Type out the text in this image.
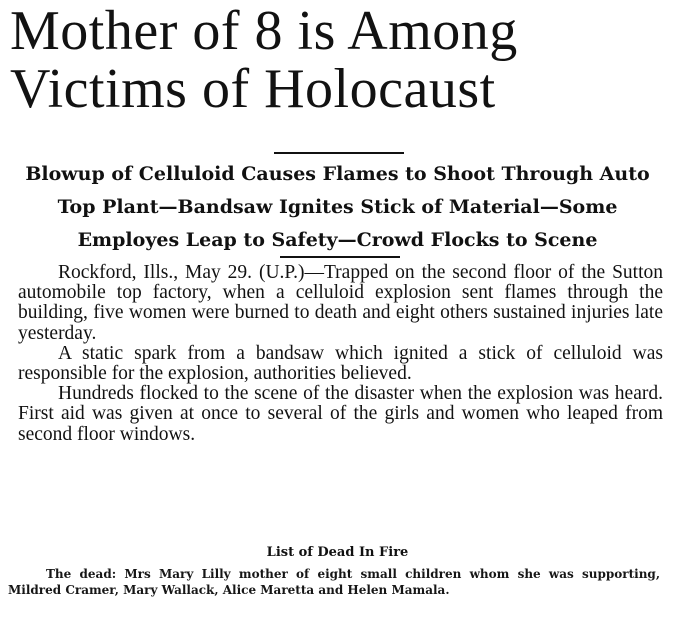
Mother of 8 is Among
Victims of Holocaust
Blowup of Celluloid Causes Flames to Shoot Through Auto
Top Plant—Bandsaw Ignites Stick of Material—Some
Employes Leap to Safety—Crowd Flocks to Scene

Rockford, Ills., May 29. (U.P.)—Trapped on the second floor of the Sutton automobile top factory, when a celluloid explosion sent flames through the building, five women were burned to death and eight others sustained injuries late yesterday.

A static spark from a bandsaw which ignited a stick of celluloid was responsible for the explosion, authorities believed.

Hundreds flocked to the scene of the disaster when the explosion was heard. First aid was given at once to several of the girls and women who leaped from second floor windows.

List of Dead In Fire
The dead: Mrs Mary Lilly mother of eight small children whom she was supporting, Mildred Cramer, Mary Wallack, Alice Maretta and Helen Mamala.
